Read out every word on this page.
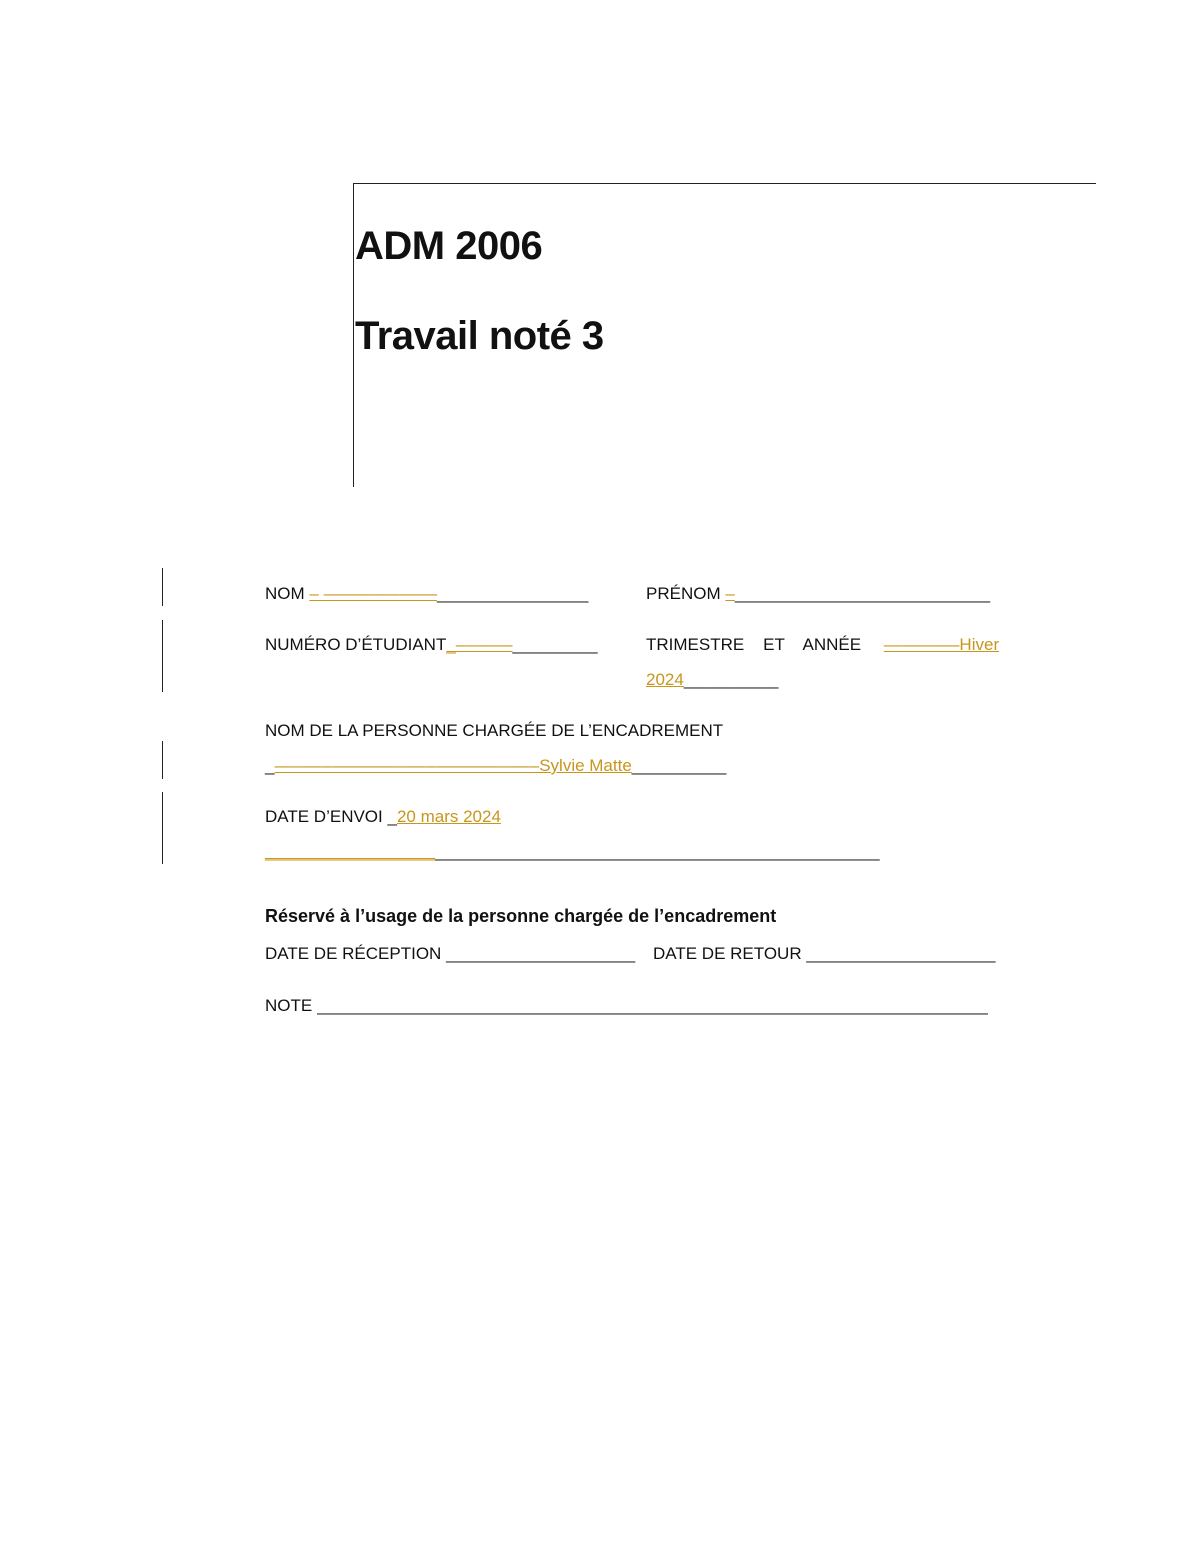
ADM 2006
Travail noté 3
NOM – ––––––––––––________________	PRÉNOM –___________________________
NUMÉRO D’ÉTUDIANT_––––––_________	TRIMESTRE    ET    ANNÉE ––––––––Hiver
2024__________
NOM DE LA PERSONNE CHARGÉE DE L’ENCADREMENT
_––––––––––––––––––––––––––––Sylvie Matte__________
DATE D’ENVOI _20 mars 2024
_________________________________________________________________
Réservé à l’usage de la personne chargée de l’encadrement
DATE DE RÉCEPTION ____________________ DATE DE RETOUR ____________________
NOTE _______________________________________________________________________
